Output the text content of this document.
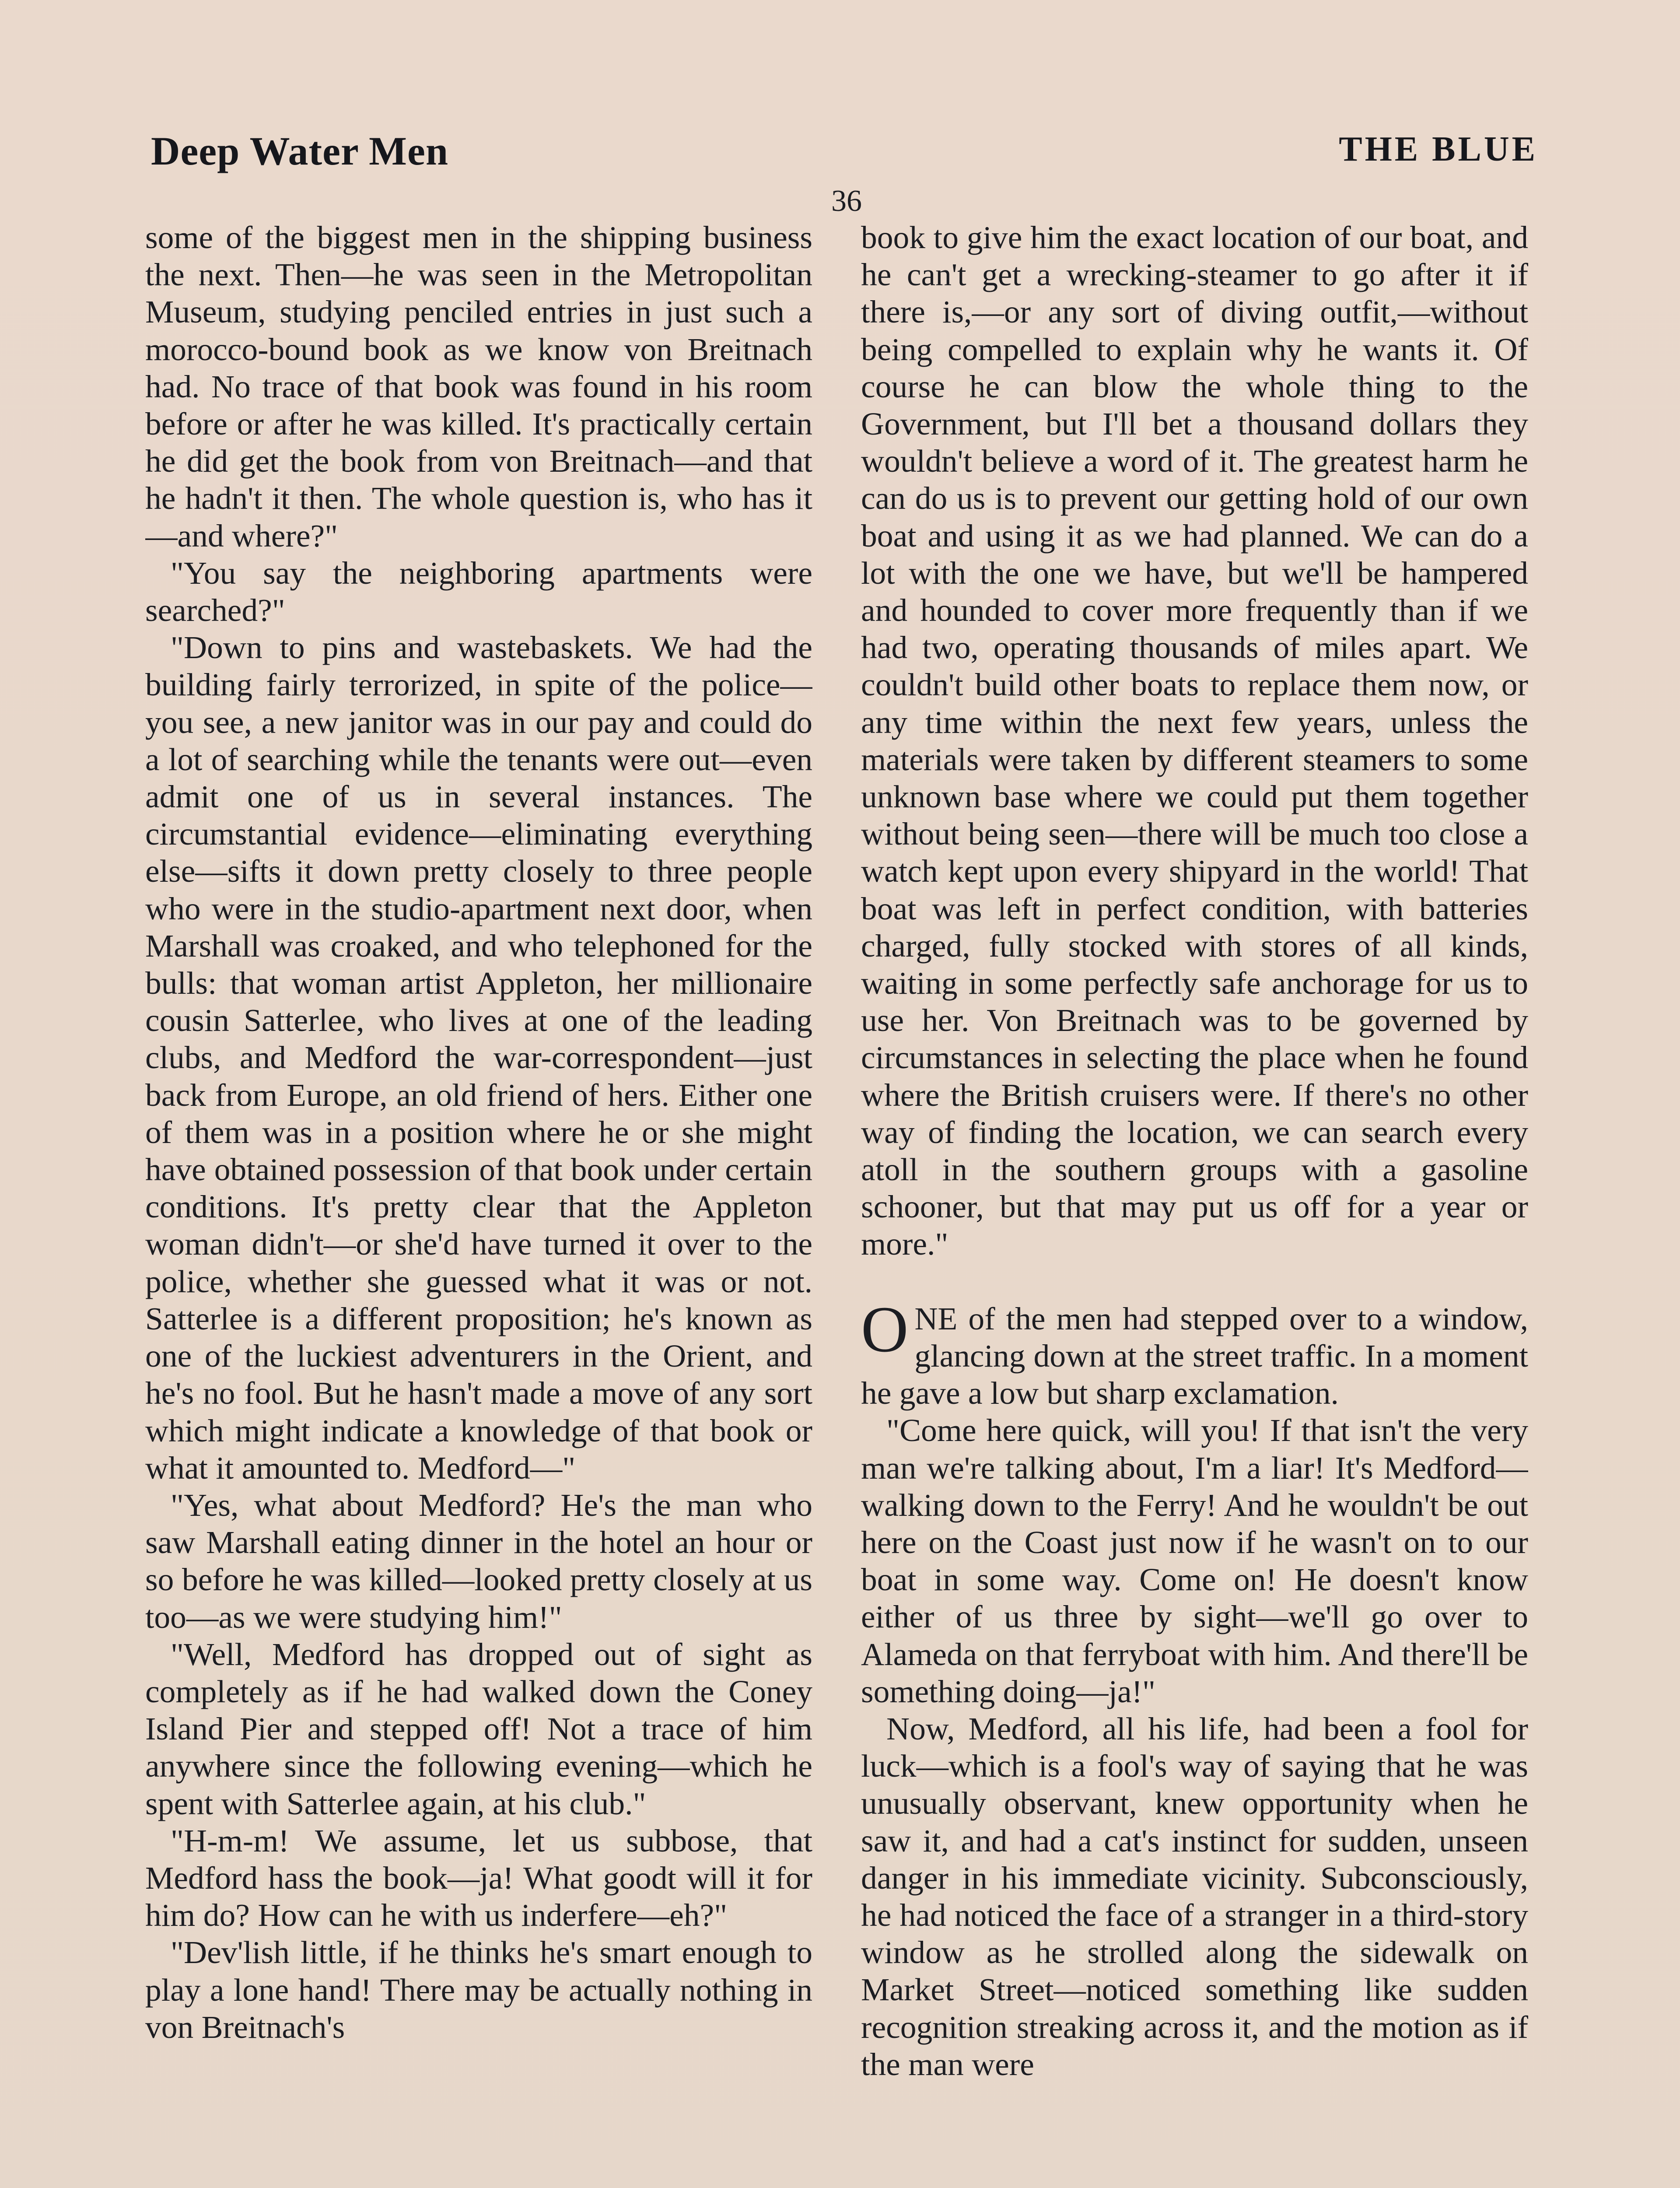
Deep Water Men	THE BLUE
36

some of the biggest men in the shipping business the next. Then—he was seen in the Metropolitan Museum, studying penciled entries in just such a morocco-bound book as we know von Breitnach had. No trace of that book was found in his room before or after he was killed. It's practically certain he did get the book from von Breitnach—and that he hadn't it then. The whole question is, who has it—and where?"

"You say the neighboring apartments were searched?"

"Down to pins and wastebaskets. We had the building fairly terrorized, in spite of the police—you see, a new janitor was in our pay and could do a lot of searching while the tenants were out—even admit one of us in several instances. The circumstantial evidence—eliminating everything else—sifts it down pretty closely to three people who were in the studio-apartment next door, when Marshall was croaked, and who telephoned for the bulls: that woman artist Appleton, her millionaire cousin Satterlee, who lives at one of the leading clubs, and Medford the war-correspondent—just back from Europe, an old friend of hers. Either one of them was in a position where he or she might have obtained possession of that book under certain conditions. It's pretty clear that the Appleton woman didn't—or she'd have turned it over to the police, whether she guessed what it was or not. Satterlee is a different proposition; he's known as one of the luckiest adventurers in the Orient, and he's no fool. But he hasn't made a move of any sort which might indicate a knowledge of that book or what it amounted to. Medford—"

"Yes, what about Medford? He's the man who saw Marshall eating dinner in the hotel an hour or so before he was killed—looked pretty closely at us too—as we were studying him!"

"Well, Medford has dropped out of sight as completely as if he had walked down the Coney Island Pier and stepped off! Not a trace of him anywhere since the following evening—which he spent with Satterlee again, at his club."

"H-m-m! We assume, let us subbose, that Medford hass the book—ja! What goodt will it for him do? How can he with us inderfere—eh?"

"Dev'lish little, if he thinks he's smart enough to play a lone hand! There may be actually nothing in von Breitnach's

book to give him the exact location of our boat, and he can't get a wrecking-steamer to go after it if there is,—or any sort of diving outfit,—without being compelled to explain why he wants it. Of course he can blow the whole thing to the Government, but I'll bet a thousand dollars they wouldn't believe a word of it. The greatest harm he can do us is to prevent our getting hold of our own boat and using it as we had planned. We can do a lot with the one we have, but we'll be hampered and hounded to cover more frequently than if we had two, operating thousands of miles apart. We couldn't build other boats to replace them now, or any time within the next few years, unless the materials were taken by different steamers to some unknown base where we could put them together without being seen—there will be much too close a watch kept upon every shipyard in the world! That boat was left in perfect condition, with batteries charged, fully stocked with stores of all kinds, waiting in some perfectly safe anchorage for us to use her. Von Breitnach was to be governed by circumstances in selecting the place when he found where the British cruisers were. If there's no other way of finding the location, we can search every atoll in the southern groups with a gasoline schooner, but that may put us off for a year or more."

ONE of the men had stepped over to a window, glancing down at the street traffic. In a moment he gave a low but sharp exclamation.

"Come here quick, will you! If that isn't the very man we're talking about, I'm a liar! It's Medford—walking down to the Ferry! And he wouldn't be out here on the Coast just now if he wasn't on to our boat in some way. Come on! He doesn't know either of us three by sight—we'll go over to Alameda on that ferryboat with him. And there'll be something doing—ja!"

Now, Medford, all his life, had been a fool for luck—which is a fool's way of saying that he was unusually observant, knew opportunity when he saw it, and had a cat's instinct for sudden, unseen danger in his immediate vicinity. Subconsciously, he had noticed the face of a stranger in a third-story window as he strolled along the sidewalk on Market Street—noticed something like sudden recognition streaking across it, and the motion as if the man were
